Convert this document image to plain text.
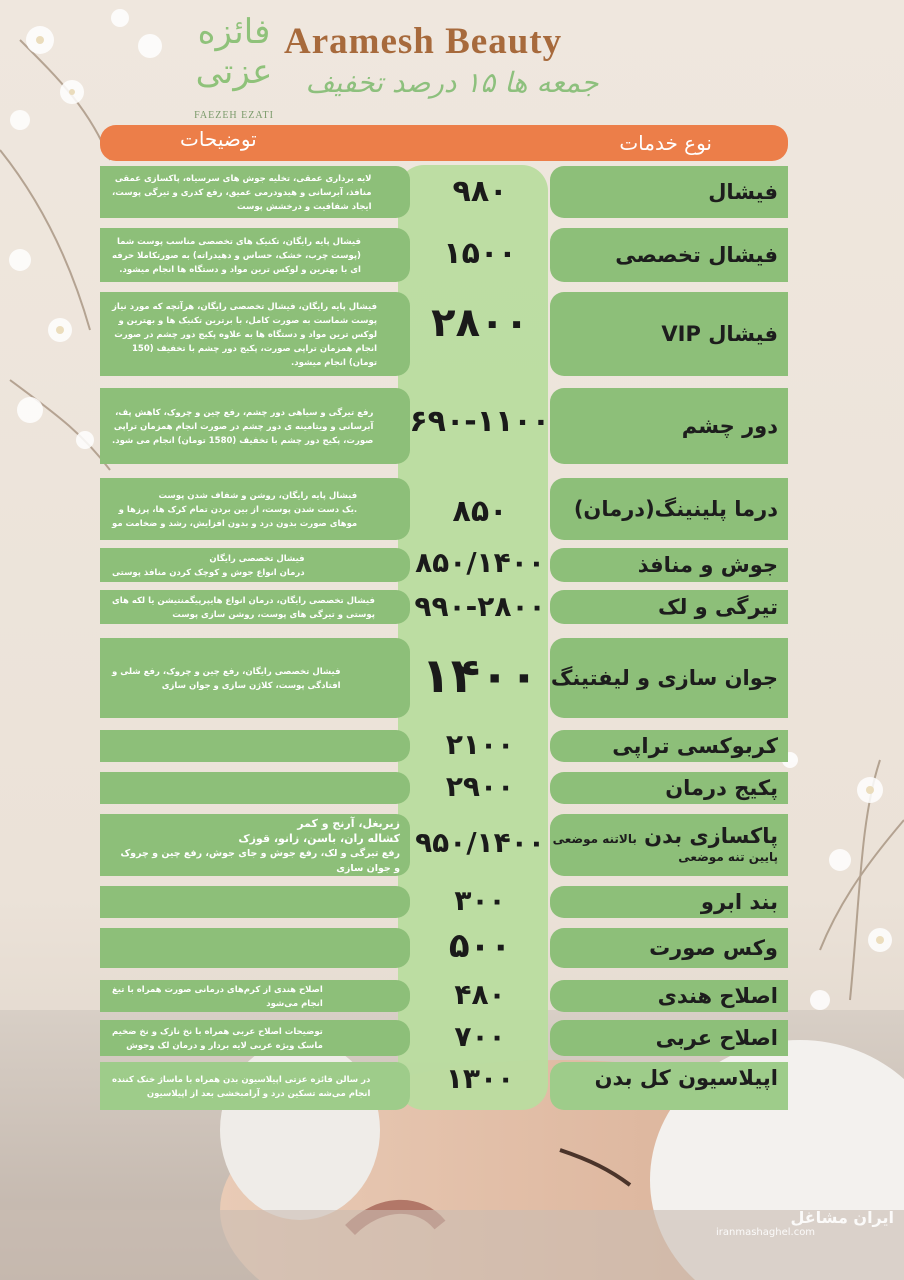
فائزه عزتی
FAEZEH EZATI
Aramesh Beauty
جمعه ها ۱۵ درصد تخفیف
نوع خدمات
توضیحات
لایه برداری عمقی، تخلیه جوش های سرسیاه، پاکسازی عمقی
منافذ، آبرسانی و هیدودرمی عمیق، رفع کدری و تیرگی پوست،
ایجاد شفافیت و درخشش پوست	۹۸۰	فیشال
فیشال پایه رایگان، تکنیک های تخصصی مناسب پوست شما
(پوست چرب، خشک، حساس و دهیدراته) به صورتکاملا حرفه
ای با بهترین و لوکس ترین مواد و دستگاه ها انجام میشود.	۱۵۰۰	فیشال تخصصی
فیشال پایه رایگان، فیشال تخصصی رایگان، هرآنچه که مورد نیاز
پوست شماست به صورت کامل، با برترین تکنیک ها و بهترین و
لوکس ترین مواد و دستگاه ها به علاوه پکیج دور چشم در صورت
انجام همزمان تراپی صورت، پکیج دور چشم با تخفیف (150
تومان) انجام میشود.
۲۸۰۰	فیشال VIP
رفع تیرگی و سیاهی دور چشم، رفع چین و چروک، کاهش پف،
آبرسانی و ویتامینه ی دور چشم در صورت انجام همزمان تراپی
صورت، پکیج دور چشم با تخفیف (1580 تومان) انجام می شود.
۶۹۰-۱۱۰۰	دور چشم
فیشال پایه رایگان، روشن و شفاف شدن پوست
.یک دست شدن پوست، از بین بردن تمام کرک ها، پرزها و
موهای صورت بدون درد و بدون افزایش، رشد و ضخامت مو	۸۵۰	درما پلینینگ(درمان)
فیشال تخصصی رایگان
درمان انواع جوش و کوچک کردن منافذ پوستی	۸۵۰/۱۴۰۰	جوش و منافذ
فیشال تخصصی رایگان، درمان انواع هایپرپیگمنتیشن یا لکه های
پوستی و تیرگی های پوست، روشن سازی پوست ۹۹۰-۲۸۰۰	تیرگی و لک
فیشال تخصصی رایگان، رفع چین و چروک، رفع شلی و
افتادگی پوست، کلاژن سازی و جوان سازی ۱۴۰۰ جوان سازی و لیفتینگ
۲۱۰۰	کربوکسی تراپی
۲۹۰۰	پکیج درمان
زیربغل، آرنج و کمر
کشاله ران، باسن، زانو، قوزک
رفع تیرگی و لک، رفع جوش و جای جوش، رفع چین و چروک و جوان سازی
۹۵۰/۱۴۰۰	پاکسازی بدن بالاتنه موضعی
پایین تنه موضعی
۳۰۰	بند ابرو
۵۰۰	وکس صورت
اصلاح هندی از کرم‌های درمانی صورت همراه با تیغ
انجام می‌شود	۴۸۰	اصلاح هندی
توضیحات اصلاح عربی همراه با نخ نازک و نخ ضخیم
ماسک ویژه عربی لایه بردار و درمان لک وجوش	۷۰۰	اصلاح عربی
در سالن فائزه عزتی اپیلاسیون بدن همراه با ماساژ خنک کننده
انجام می‌شه تسکین درد و آرامبخشی بعد از اپیلاسیون	۱۳۰۰	اپیلاسیون کل بدن
ایران مشاغل
iranmashaghel.com
